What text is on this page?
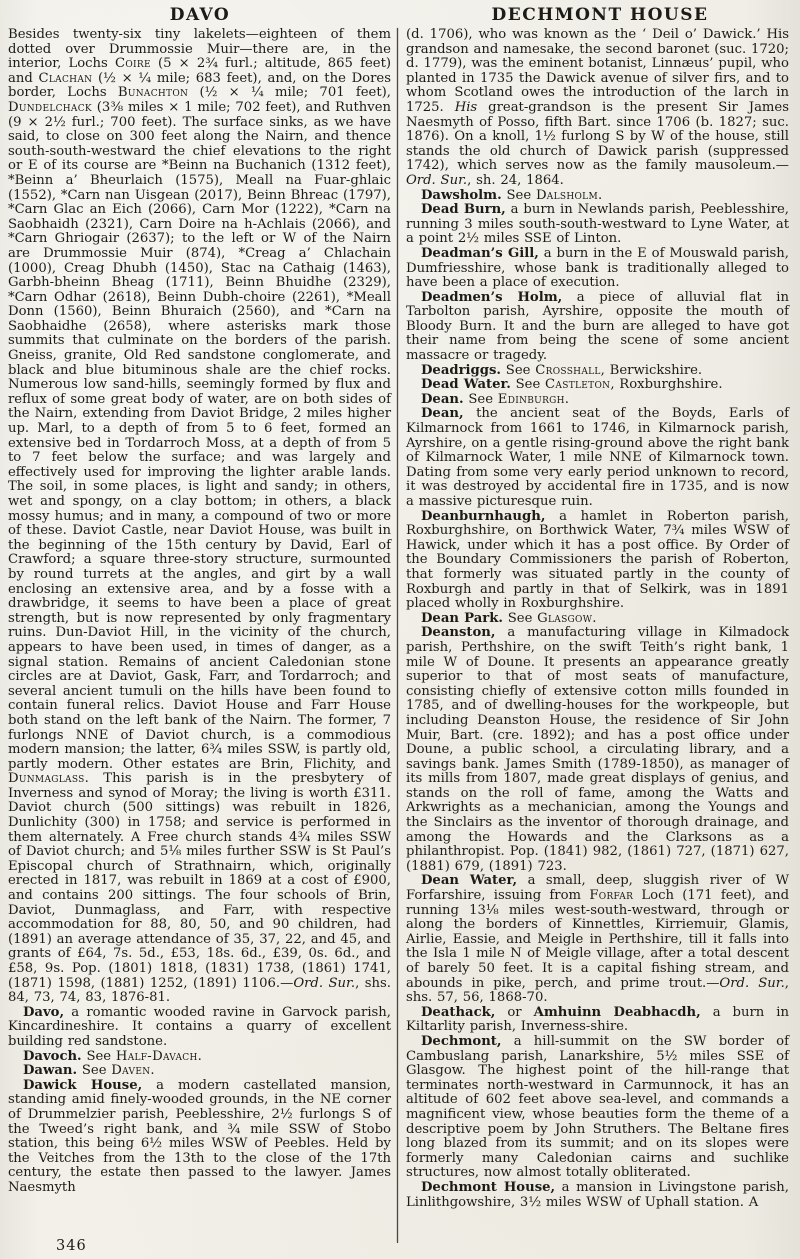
DAVO	DECHMONT HOUSE

Besides twenty-six tiny lakelets—eighteen of them dotted over Drummossie Muir—there are, in the interior, Lochs Coire (5 × 2¾ furl.; altitude, 865 feet) and Clachan (½ × ¼ mile; 683 feet), and, on the Dores border, Lochs Bunachton (½ × ¼ mile; 701 feet), Dundelchack (3⅜ miles × 1 mile; 702 feet), and Ruthven (9 × 2½ furl.; 700 feet). The surface sinks, as we have said, to close on 300 feet along the Nairn, and thence south-south-westward the chief elevations to the right or E of its course are *Beinn na Buchanich (1312 feet), *Beinn a’ Bheurlaich (1575), Meall na Fuar-ghlaic (1552), *Carn nan Uisgean (2017), Beinn Bhreac (1797), *Carn Glac an Eich (2066), Carn Mor (1222), *Carn na Saobhaidh (2321), Carn Doire na h-Achlais (2066), and *Carn Ghriogair (2637); to the left or W of the Nairn are Drummossie Muir (874), *Creag a’ Chlachain (1000), Creag Dhubh (1450), Stac na Cathaig (1463), Garbh-bheinn Bheag (1711), Beinn Bhuidhe (2329), *Carn Odhar (2618), Beinn Dubh-choire (2261), *Meall Donn (1560), Beinn Bhuraich (2560), and *Carn na Saobhaidhe (2658), where asterisks mark those summits that culminate on the borders of the parish. Gneiss, granite, Old Red sandstone conglomerate, and black and blue bituminous shale are the chief rocks. Numerous low sand-hills, seemingly formed by flux and reflux of some great body of water, are on both sides of the Nairn, extending from Daviot Bridge, 2 miles higher up. Marl, to a depth of from 5 to 6 feet, formed an extensive bed in Tordarroch Moss, at a depth of from 5 to 7 feet below the surface; and was largely and effectively used for improving the lighter arable lands. The soil, in some places, is light and sandy; in others, wet and spongy, on a clay bottom; in others, a black mossy humus; and in many, a compound of two or more of these. Daviot Castle, near Daviot House, was built in the beginning of the 15th century by David, Earl of Crawford; a square three-story structure, surmounted by round turrets at the angles, and girt by a wall enclosing an extensive area, and by a fosse with a drawbridge, it seems to have been a place of great strength, but is now represented by only fragmentary ruins. Dun-Daviot Hill, in the vicinity of the church, appears to have been used, in times of danger, as a signal station. Remains of ancient Caledonian stone circles are at Daviot, Gask, Farr, and Tordarroch; and several ancient tumuli on the hills have been found to contain funeral relics. Daviot House and Farr House both stand on the left bank of the Nairn. The former, 7 furlongs NNE of Daviot church, is a commodious modern mansion; the latter, 6¾ miles SSW, is partly old, partly modern. Other estates are Brin, Flichity, and Dunmaglass. This parish is in the presbytery of Inverness and synod of Moray; the living is worth £311. Daviot church (500 sittings) was rebuilt in 1826, Dunlichity (300) in 1758; and service is performed in them alternately. A Free church stands 4¾ miles SSW of Daviot church; and 5⅛ miles further SSW is St Paul’s Episcopal church of Strathnairn, which, originally erected in 1817, was rebuilt in 1869 at a cost of £900, and contains 200 sittings. The four schools of Brin, Daviot, Dunmaglass, and Farr, with respective accommodation for 88, 80, 50, and 90 children, had (1891) an average attendance of 35, 37, 22, and 45, and grants of £64, 7s. 5d., £53, 18s. 6d., £39, 0s. 6d., and £58, 9s. Pop. (1801) 1818, (1831) 1738, (1861) 1741, (1871) 1598, (1881) 1252, (1891) 1106.—Ord. Sur., shs. 84, 73, 74, 83, 1876-81.

Davo, a romantic wooded ravine in Garvock parish, Kincardineshire. It contains a quarry of excellent building red sandstone.

Davoch. See Half-Davach.

Dawan. See Daven.

Dawick House, a modern castellated mansion, standing amid finely-wooded grounds, in the NE corner of Drummelzier parish, Peeblesshire, 2½ furlongs S of the Tweed’s right bank, and ¾ mile SSW of Stobo station, this being 6½ miles WSW of Peebles. Held by the Veitches from the 13th to the close of the 17th century, the estate then passed to the lawyer. James Naesmyth

(d. 1706), who was known as the ‘ Deil o’ Dawick.’ His grandson and namesake, the second baronet (suc. 1720; d. 1779), was the eminent botanist, Linnæus’ pupil, who planted in 1735 the Dawick avenue of silver firs, and to whom Scotland owes the introduction of the larch in 1725. His great-grandson is the present Sir James Naesmyth of Posso, fifth Bart. since 1706 (b. 1827; suc. 1876). On a knoll, 1½ furlong S by W of the house, still stands the old church of Dawick parish (suppressed 1742), which serves now as the family mausoleum.—Ord. Sur., sh. 24, 1864.

Dawsholm. See Dalsholm.

Dead Burn, a burn in Newlands parish, Peeblesshire, running 3 miles south-south-westward to Lyne Water, at a point 2½ miles SSE of Linton.

Deadman’s Gill, a burn in the E of Mouswald parish, Dumfriesshire, whose bank is traditionally alleged to have been a place of execution.

Deadmen’s Holm, a piece of alluvial flat in Tarbolton parish, Ayrshire, opposite the mouth of Bloody Burn. It and the burn are alleged to have got their name from being the scene of some ancient massacre or tragedy.

Deadriggs. See Crosshall, Berwickshire.

Dead Water. See Castleton, Roxburghshire.

Dean. See Edinburgh.

Dean, the ancient seat of the Boyds, Earls of Kilmarnock from 1661 to 1746, in Kilmarnock parish, Ayrshire, on a gentle rising-ground above the right bank of Kilmarnock Water, 1 mile NNE of Kilmarnock town. Dating from some very early period unknown to record, it was destroyed by accidental fire in 1735, and is now a massive picturesque ruin.

Deanburnhaugh, a hamlet in Roberton parish, Roxburghshire, on Borthwick Water, 7¾ miles WSW of Hawick, under which it has a post office. By Order of the Boundary Commissioners the parish of Roberton, that formerly was situated partly in the county of Roxburgh and partly in that of Selkirk, was in 1891 placed wholly in Roxburghshire.

Dean Park. See Glasgow.

Deanston, a manufacturing village in Kilmadock parish, Perthshire, on the swift Teith’s right bank, 1 mile W of Doune. It presents an appearance greatly superior to that of most seats of manufacture, consisting chiefly of extensive cotton mills founded in 1785, and of dwelling-houses for the workpeople, but including Deanston House, the residence of Sir John Muir, Bart. (cre. 1892); and has a post office under Doune, a public school, a circulating library, and a savings bank. James Smith (1789-1850), as manager of its mills from 1807, made great displays of genius, and stands on the roll of fame, among the Watts and Arkwrights as a mechanician, among the Youngs and the Sinclairs as the inventor of thorough drainage, and among the Howards and the Clarksons as a philanthropist. Pop. (1841) 982, (1861) 727, (1871) 627, (1881) 679, (1891) 723.

Dean Water, a small, deep, sluggish river of W Forfarshire, issuing from Forfar Loch (171 feet), and running 13⅛ miles west-south-westward, through or along the borders of Kinnettles, Kirriemuir, Glamis, Airlie, Eassie, and Meigle in Perthshire, till it falls into the Isla 1 mile N of Meigle village, after a total descent of barely 50 feet. It is a capital fishing stream, and abounds in pike, perch, and prime trout.—Ord. Sur., shs. 57, 56, 1868-70.

Deathack, or Amhuinn Deabhacdh, a burn in Kiltarlity parish, Inverness-shire.

Dechmont, a hill-summit on the SW border of Cambuslang parish, Lanarkshire, 5½ miles SSE of Glasgow. The highest point of the hill-range that terminates north-westward in Carmunnock, it has an altitude of 602 feet above sea-level, and commands a magnificent view, whose beauties form the theme of a descriptive poem by John Struthers. The Beltane fires long blazed from its summit; and on its slopes were formerly many Caledonian cairns and suchlike structures, now almost totally obliterated.

Dechmont House, a mansion in Livingstone parish, Linlithgowshire, 3½ miles WSW of Uphall station. A

346
